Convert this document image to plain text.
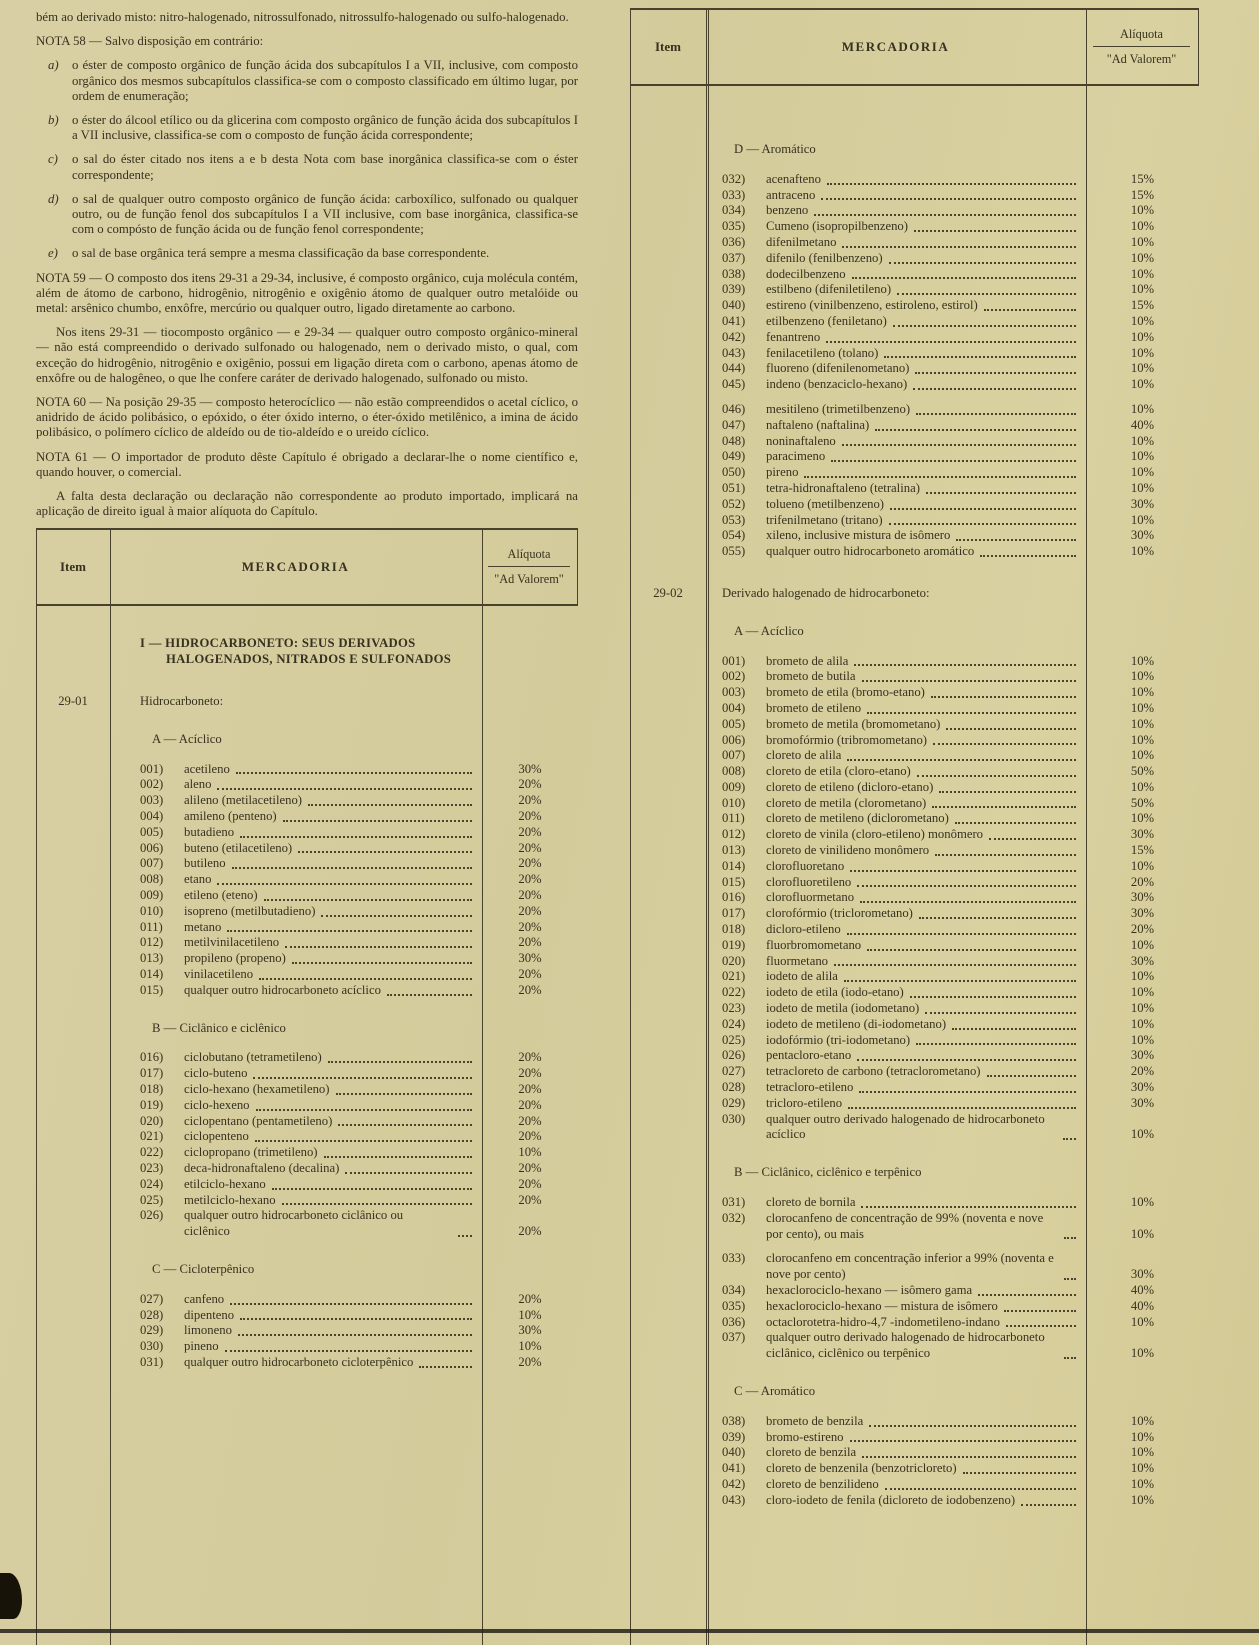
bém ao derivado misto: nitro-halogenado, nitrossulfonado, nitrossulfo-halogenado ou sulfo-halogenado.
NOTA 58 — Salvo disposição em contrário:
a)	o éster de composto orgânico de função ácida dos subcapítulos I a VII, inclusive, com composto orgânico dos mesmos subcapítulos classifica-se com o composto classificado em último lugar, por ordem de enumeração;
b)	o éster do álcool etílico ou da glicerina com composto orgânico de função ácida dos subcapítulos I a VII inclusive, classifica-se com o composto de função ácida correspondente;
c)	o sal do éster citado nos itens a e b desta Nota com base inorgânica classifica-se com o éster correspondente;
d)	o sal de qualquer outro composto orgânico de função ácida: carboxílico, sulfonado ou qualquer outro, ou de função fenol dos subcapítulos I a VII inclusive, com base inorgânica, classifica-se com o compósto de função ácida ou de função fenol correspondente;
e)	o sal de base orgânica terá sempre a mesma classificação da base correspondente.
NOTA 59 — O composto dos itens 29-31 a 29-34, inclusive, é composto orgânico, cuja molécula contém, além de átomo de carbono, hidrogênio, nitrogênio e oxigênio átomo de qualquer outro metalóide ou metal: arsênico chumbo, enxôfre, mercúrio ou qualquer outro, ligado diretamente ao carbono.
Nos itens 29-31 — tiocomposto orgânico — e 29-34 — qualquer outro composto orgânico-mineral — não está compreendido o derivado sulfonado ou halogenado, nem o derivado misto, o qual, com exceção do hidrogênio, nitrogênio e oxigênio, possui em ligação direta com o carbono, apenas átomo de enxôfre ou de halogêneo, o que lhe confere caráter de derivado halogenado, sulfonado ou misto.
NOTA 60 — Na posição 29-35 — composto heterocíclico — não estão compreendidos o acetal cíclico, o anidrido de ácido polibásico, o epóxido, o éter óxido interno, o éter-óxido metilênico, a imina de ácido polibásico, o polímero cíclico de aldeído ou de tio-aldeído e o ureido cíclico.
NOTA 61 — O importador de produto dêste Capítulo é obrigado a declarar-lhe o nome científico e, quando houver, o comercial.
A falta desta declaração ou declaração não correspondente ao produto importado, implicará na aplicação de direito igual à maior alíquota do Capítulo.
Item	MERCADORIA
Alíquota
"Ad Valorem"
I — HIDROCARBONETO: SEUS DERIVADOS HALOGENADOS, NITRADOS E SULFONADOS
29-01	Hidrocarboneto:
A — Acíclico
001)	acetileno	30%
002)	aleno	20%
003)	alileno (metilacetileno)	20%
004)	amileno (penteno)	20%
005)	butadieno	20%
006)	buteno (etilacetileno)	20%
007)	butileno	20%
008)	etano	20%
009)	etileno (eteno)	20%
010)	isopreno (metilbutadieno)	20%
011)	metano	20%
012)	metilvinilacetileno	20%
013)	propileno (propeno)	30%
014)	vinilacetileno	20%
015)	qualquer outro hidrocarboneto acíclico	20%
B — Ciclânico e ciclênico
016)	ciclobutano (tetrametileno)	20%
017)	ciclo-buteno	20%
018)	ciclo-hexano (hexametileno)	20%
019)	ciclo-hexeno	20%
020)	ciclopentano (pentametileno)	20%
021)	ciclopenteno	20%
022)	ciclopropano (trimetileno)	10%
023)	deca-hidronaftaleno (decalina)	20%
024)	etilciclo-hexano	20%
025)	metilciclo-hexano	20%
026)	qualquer outro hidrocarboneto ciclânico ou ciclênico	20%
C — Cicloterpênico
027)	canfeno	20%
028)	dipenteno	10%
029)	limoneno	30%
030)	pineno	10%
031)	qualquer outro hidrocarboneto cicloterpênico	20%
Item	MERCADORIA
Alíquota
"Ad Valorem"
D — Aromático
032)	acenafteno	15%
033)	antraceno	15%
034)	benzeno	10%
035)	Cumeno (isopropilbenzeno)	10%
036)	difenilmetano	10%
037)	difenilo (fenilbenzeno)	10%
038)	dodecilbenzeno	10%
039)	estilbeno (difeniletileno)	10%
040)	estireno (vinilbenzeno, estiroleno, estirol)	15%
041)	etilbenzeno (feniletano)	10%
042)	fenantreno	10%
043)	fenilacetileno (tolano)	10%
044)	fluoreno (difenilenometano)	10%
045)	indeno (benzaciclo-hexano)	10%
046)	mesitileno (trimetilbenzeno)	10%
047)	naftaleno (naftalina)	40%
048)	noninaftaleno	10%
049)	paracimeno	10%
050)	pireno	10%
051)	tetra-hidronaftaleno (tetralina)	10%
052)	tolueno (metilbenzeno)	30%
053)	trifenilmetano (tritano)	10%
054)	xileno, inclusive mistura de isômero	30%
055)	qualquer outro hidrocarboneto aromático	10%
29-02	Derivado halogenado de hidrocarboneto:
A — Acíclico
001)	brometo de alila	10%
002)	brometo de butila	10%
003)	brometo de etila (bromo-etano)	10%
004)	brometo de etileno	10%
005)	brometo de metila (bromometano)	10%
006)	bromofórmio (tribromometano)	10%
007)	cloreto de alila	10%
008)	cloreto de etila (cloro-etano)	50%
009)	cloreto de etileno (dicloro-etano)	10%
010)	cloreto de metila (clorometano)	50%
011)	cloreto de metileno (diclorometano)	10%
012)	cloreto de vinila (cloro-etileno) monômero	30%
013)	cloreto de vinilideno monômero	15%
014)	clorofluoretano	10%
015)	clorofluoretileno	20%
016)	clorofluormetano	30%
017)	clorofórmio (triclorometano)	30%
018)	dicloro-etileno	20%
019)	fluorbromometano	10%
020)	fluormetano	30%
021)	iodeto de alila	10%
022)	iodeto de etila (iodo-etano)	10%
023)	iodeto de metila (iodometano)	10%
024)	iodeto de metileno (di-iodometano)	10%
025)	iodofórmio (tri-iodometano)	10%
026)	pentacloro-etano	30%
027)	tetracloreto de carbono (tetraclorometano)	20%
028)	tetracloro-etileno	30%
029)	tricloro-etileno	30%
030)	qualquer outro derivado halogenado de hidrocarboneto acíclico	10%
B — Ciclânico, ciclênico e terpênico
031)	cloreto de bornila	10%
032)	clorocanfeno de concentração de 99% (noventa e nove por cento), ou mais	10%
033)	clorocanfeno em concentração inferior a 99% (noventa e nove por cento)	30%
034)	hexaclorociclo-hexano — isômero gama	40%
035)	hexaclorociclo-hexano — mistura de isômero	40%
036)	octaclorotetra-hidro-4,7 -indometileno-indano	10%
037)	qualquer outro derivado halogenado de hidrocarboneto ciclânico, ciclênico ou terpênico	10%
C — Aromático
038)	brometo de benzila	10%
039)	bromo-estireno	10%
040)	cloreto de benzila	10%
041)	cloreto de benzenila (benzotricloreto)	10%
042)	cloreto de benzilideno	10%
043)	cloro-iodeto de fenila (dicloreto de iodobenzeno)	10%
